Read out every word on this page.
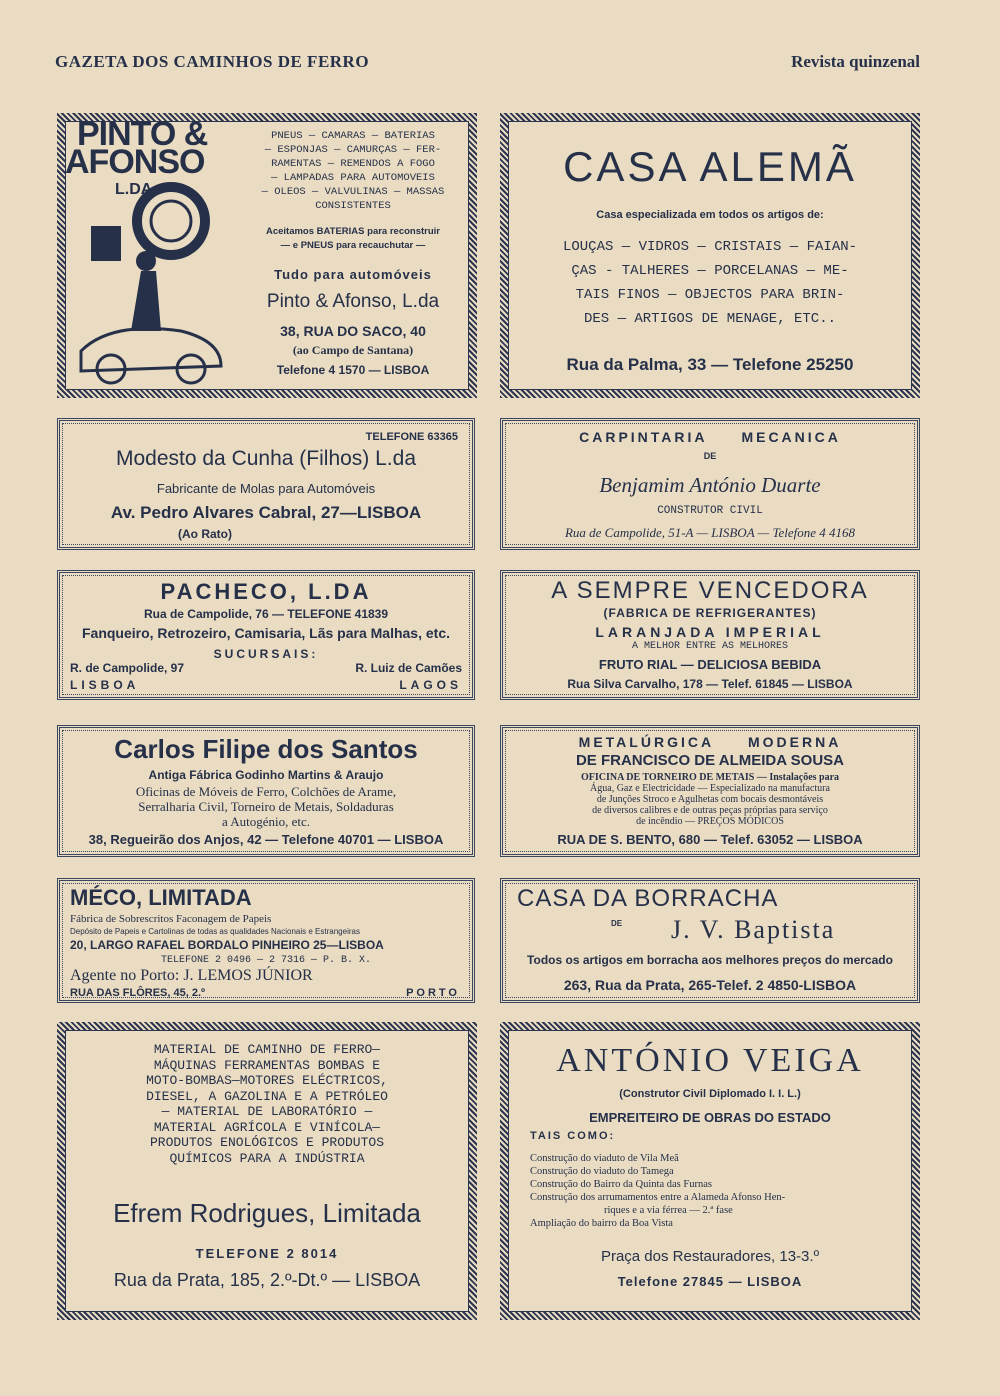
GAZETA DOS CAMINHOS DE FERRO	Revista quinzenal
PINTO &
AFONSO
L.DA
PNEUS — CAMARAS — BATERIAS
— ESPONJAS — CAMURÇAS — FER-
RAMENTAS — REMENDOS A FOGO
— LAMPADAS PARA AUTOMOVEIS
— OLEOS — VALVULINAS — MASSAS
CONSISTENTES
Aceitamos BATERIAS para reconstruir
— e PNEUS para recauchutar —
Tudo para automóveis
Pinto & Afonso, L.da
38, RUA DO SACO, 40
(ao Campo de Santana)
Telefone 4 1570 — LISBOA
CASA ALEMÃ
Casa especializada em todos os artigos de:
LOUÇAS — VIDROS — CRISTAIS — FAIAN-
ÇAS - TALHERES — PORCELANAS — ME-
TAIS FINOS — OBJECTOS PARA BRIN-
DES — ARTIGOS DE MENAGE, ETC..
Rua da Palma, 33 — Telefone 25250
TELEFONE 63365
Modesto da Cunha (Filhos) L.da
Fabricante de Molas para Automóveis
Av. Pedro Alvares Cabral, 27—LISBOA
(Ao Rato)
CARPINTARIA     MECANICA
DE
Benjamim António Duarte
CONSTRUTOR CIVIL
Rua de Campolide, 51-A — LISBOA — Telefone 4 4168
PACHECO, L.DA
Rua de Campolide, 76 — TELEFONE 41839
Fanqueiro, Retrozeiro, Camisaria, Lãs para Malhas, etc.
SUCURSAIS:
R. de Campolide, 97	R. Luiz de Camões
LISBOA	LAGOS
A SEMPRE VENCEDORA
(FABRICA DE REFRIGERANTES)
LARANJADA IMPERIAL
A MELHOR ENTRE AS MELHORES
FRUTO RIAL — DELICIOSA BEBIDA
Rua Silva Carvalho, 178 — Telef. 61845 — LISBOA
Carlos Filipe dos Santos
Antiga Fábrica Godinho Martins & Araujo
Oficinas de Móveis de Ferro, Colchões de Arame,
Serralharia Civil, Torneiro de Metais, Soldaduras
a Autogénio, etc.
38, Regueirão dos Anjos, 42 — Telefone 40701 — LISBOA
METALÚRGICA     MODERNA
DE FRANCISCO DE ALMEIDA SOUSA
OFICINA DE TORNEIRO DE METAIS — Instalações para
Água, Gaz e Electricidade — Especializado na manufactura
de Junções Stroco e Agulhetas com bocais desmontáveis
de diversos calibres e de outras peças próprias para serviço
de incêndio — PREÇOS MÓDICOS
RUA DE S. BENTO, 680 — Telef. 63052 — LISBOA
MÉCO, LIMITADA
Fábrica de Sobrescritos Faconagem de Papeis
Depósito de Papeis e Cartolinas de todas as qualidades Nacionais e Estrangeiras
20, LARGO RAFAEL BORDALO PINHEIRO 25—LISBOA
TELEFONE 2 0496 — 2 7316 — P. B. X.
Agente no Porto: J. LEMOS JÚNIOR
RUA DAS FLÔRES, 45, 2.º	PORTO
CASA DA BORRACHA
DE J. V. Baptista
Todos os artigos em borracha aos melhores preços do mercado
263, Rua da Prata, 265-Telef. 2 4850-LISBOA
MATERIAL DE CAMINHO DE FERRO—
MÁQUINAS FERRAMENTAS BOMBAS E
MOTO-BOMBAS—MOTORES ELÉCTRICOS,
DIESEL, A GAZOLINA E A PETRÓLEO
— MATERIAL DE LABORATÓRIO —
MATERIAL AGRÍCOLA E VINÍCOLA—
PRODUTOS ENOLÓGICOS E PRODUTOS
QUÍMICOS PARA A INDÚSTRIA
Efrem Rodrigues, Limitada
TELEFONE 2 8014
Rua da Prata, 185, 2.º-Dt.º — LISBOA
ANTÓNIO VEIGA
(Construtor Civil Diplomado I. I. L.)
EMPREITEIRO DE OBRAS DO ESTADO
TAIS COMO:
Construção do viaduto de Vila Meã
Construção do viaduto do Tamega
Construção do Bairro da Quinta das Furnas
Construção dos arrumamentos entre a Alameda Afonso Hen-
riques e a via férrea — 2.ª fase
Ampliação do bairro da Boa Vista
Praça dos Restauradores, 13-3.º
Telefone 27845 — LISBOA
